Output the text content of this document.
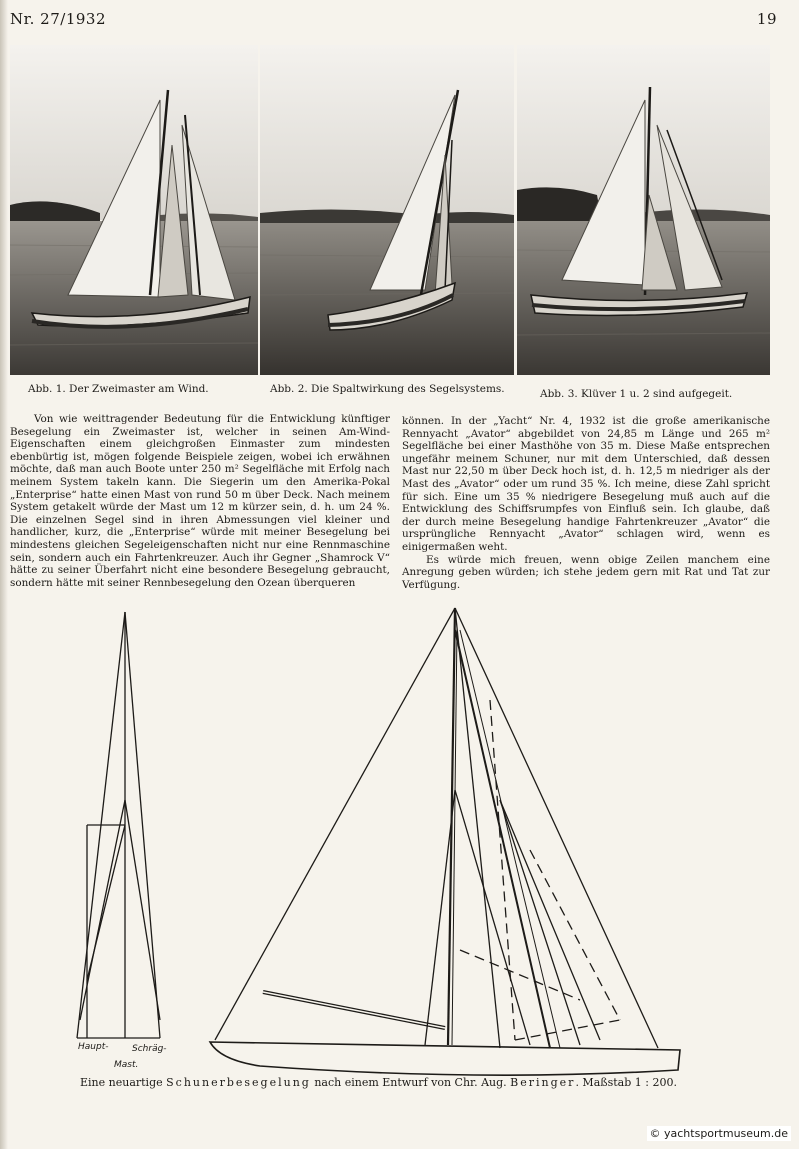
Nr. 27/1932	19
Abb. 1. Der Zweimaster am Wind.	Abb. 2. Die Spaltwirkung des Segelsystems.	Abb. 3. Klüver 1 u. 2 sind aufgegeit.
Von wie weittragender Bedeutung für die Entwicklung künftiger Besegelung ein Zweimaster ist, welcher in seinen Am-Wind-Eigenschaften einem gleichgroßen Einmaster zum mindesten ebenbürtig ist, mögen folgende Beispiele zeigen, wobei ich erwähnen möchte, daß man auch Boote unter 250 m² Segelfläche mit Erfolg nach meinem System takeln kann. Die Siegerin um den Amerika-Pokal „Enterprise“ hatte einen Mast von rund 50 m über Deck. Nach meinem System getakelt würde der Mast um 12 m kürzer sein, d. h. um 24 %. Die einzelnen Segel sind in ihren Abmessungen viel kleiner und handlicher, kurz, die „Enterprise“ würde mit meiner Besegelung bei mindestens gleichen Segeleigenschaften nicht nur eine Rennmaschine sein, sondern auch ein Fahrtenkreuzer. Auch ihr Gegner „Shamrock V“ hätte zu seiner Überfahrt nicht eine besondere Besegelung gebraucht, sondern hätte mit seiner Rennbesegelung den Ozean überqueren

können. In der „Yacht“ Nr. 4, 1932 ist die große amerikanische Rennyacht „Avator“ abgebildet von 24,85 m Länge und 265 m² Segelfläche bei einer Masthöhe von 35 m. Diese Maße entsprechen ungefähr meinem Schuner, nur mit dem Unterschied, daß dessen Mast nur 22,50 m über Deck hoch ist, d. h. 12,5 m niedriger als der Mast des „Avator“ oder um rund 35 %. Ich meine, diese Zahl spricht für sich. Eine um 35 % niedrigere Besegelung muß auch auf die Entwicklung des Schiffsrumpfes von Einfluß sein. Ich glaube, daß der durch meine Besegelung handige Fahrtenkreuzer „Avator“ die ursprüngliche Rennyacht „Avator“ schlagen wird, wenn es einigermaßen weht.

Es würde mich freuen, wenn obige Zeilen manchem eine Anregung geben würden; ich stehe jedem gern mit Rat und Tat zur Verfügung.

Haupt-	Schräg-
Mast.
Eine neuartige Schunerbesegelung nach einem Entwurf von Chr. Aug. Beringer. Maßstab 1 : 200.
© yachtsportmuseum.de
